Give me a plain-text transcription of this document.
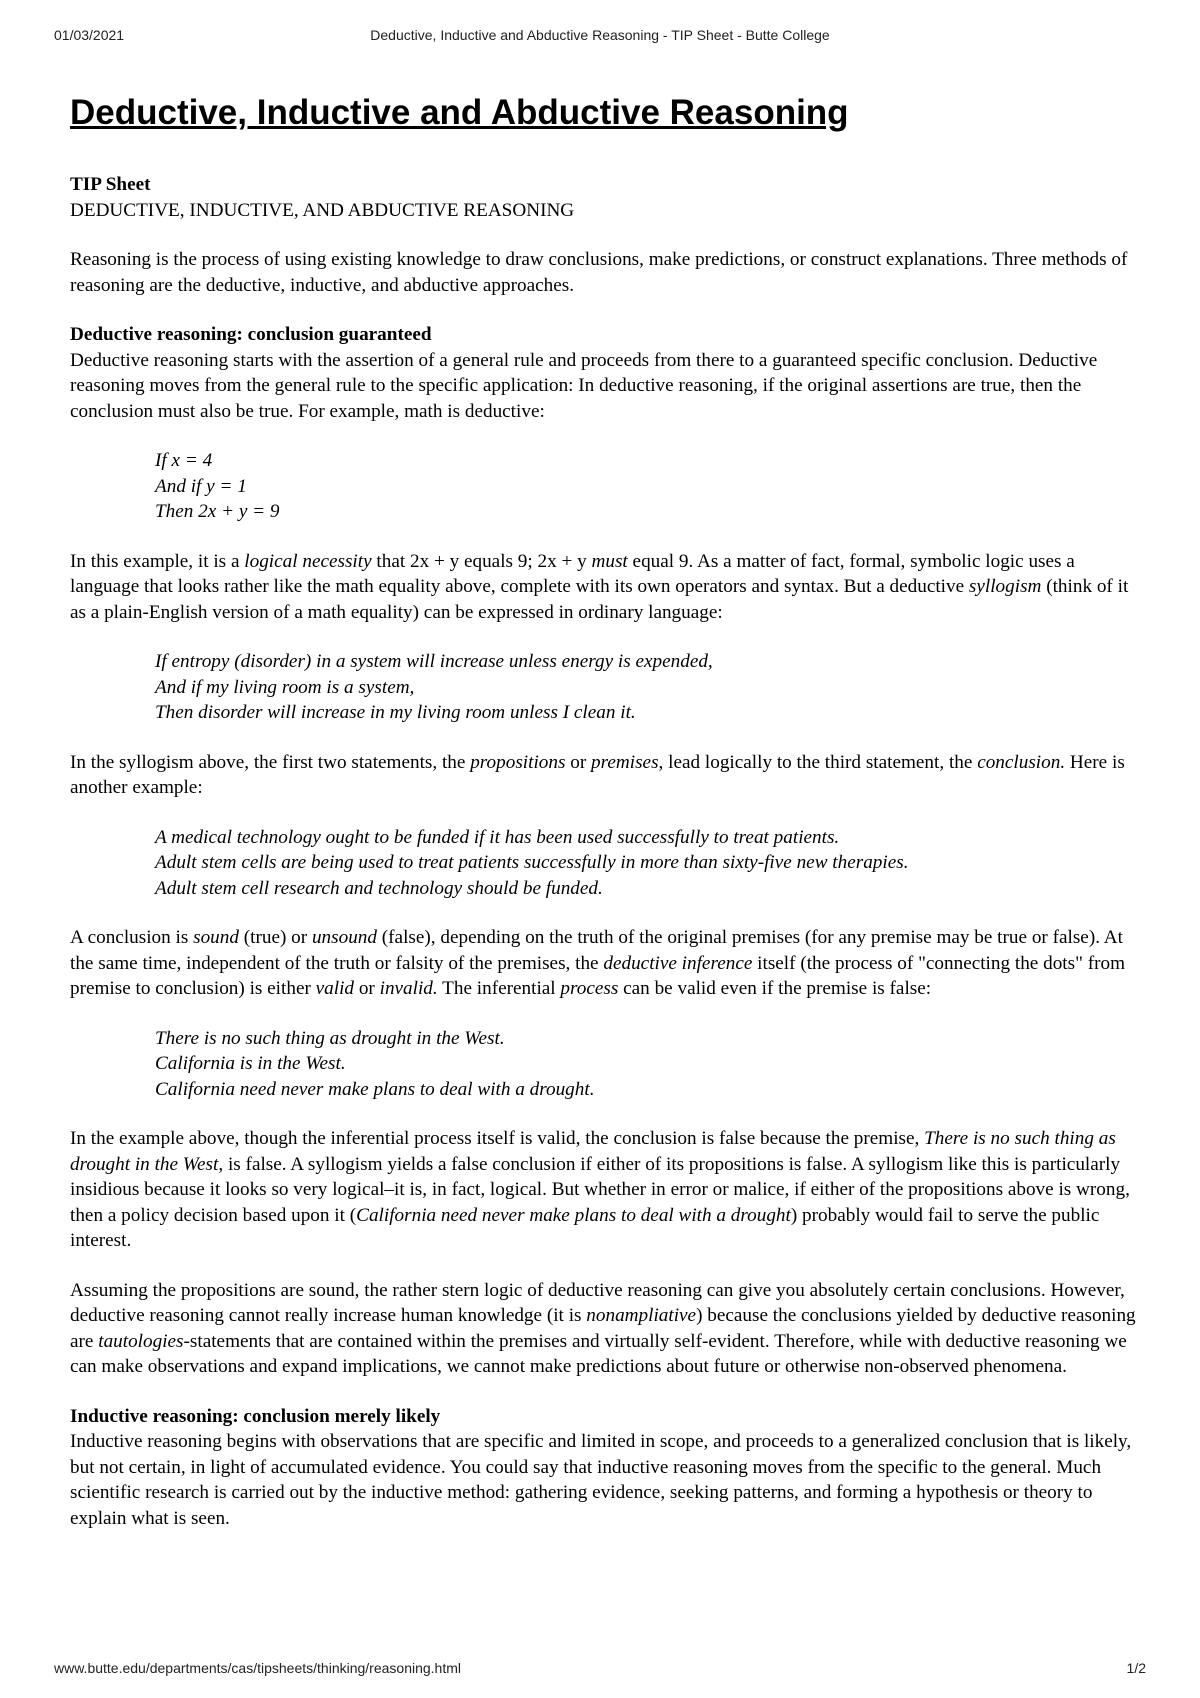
01/03/2021	Deductive, Inductive and Abductive Reasoning - TIP Sheet - Butte College
Deductive, Inductive and Abductive Reasoning
TIP Sheet
DEDUCTIVE, INDUCTIVE, AND ABDUCTIVE REASONING

Reasoning is the process of using existing knowledge to draw conclusions, make predictions, or construct explanations. Three methods of reasoning are the deductive, inductive, and abductive approaches.

Deductive reasoning: conclusion guaranteed

Deductive reasoning starts with the assertion of a general rule and proceeds from there to a guaranteed specific conclusion. Deductive reasoning moves from the general rule to the specific application: In deductive reasoning, if the original assertions are true, then the conclusion must also be true. For example, math is deductive:

If x = 4
And if y = 1
Then 2x + y = 9

In this example, it is a logical necessity that 2x + y equals 9; 2x + y must equal 9. As a matter of fact, formal, symbolic logic uses a language that looks rather like the math equality above, complete with its own operators and syntax. But a deductive syllogism (think of it as a plain-English version of a math equality) can be expressed in ordinary language:

If entropy (disorder) in a system will increase unless energy is expended,
And if my living room is a system,
Then disorder will increase in my living room unless I clean it.

In the syllogism above, the first two statements, the propositions or premises, lead logically to the third statement, the conclusion. Here is another example:

A medical technology ought to be funded if it has been used successfully to treat patients.
Adult stem cells are being used to treat patients successfully in more than sixty-five new therapies.
Adult stem cell research and technology should be funded.

A conclusion is sound (true) or unsound (false), depending on the truth of the original premises (for any premise may be true or false). At the same time, independent of the truth or falsity of the premises, the deductive inference itself (the process of "connecting the dots" from premise to conclusion) is either valid or invalid. The inferential process can be valid even if the premise is false:

There is no such thing as drought in the West.
California is in the West.
California need never make plans to deal with a drought.

In the example above, though the inferential process itself is valid, the conclusion is false because the premise, There is no such thing as drought in the West, is false. A syllogism yields a false conclusion if either of its propositions is false. A syllogism like this is particularly insidious because it looks so very logical–it is, in fact, logical. But whether in error or malice, if either of the propositions above is wrong, then a policy decision based upon it (California need never make plans to deal with a drought) probably would fail to serve the public interest.

Assuming the propositions are sound, the rather stern logic of deductive reasoning can give you absolutely certain conclusions. However, deductive reasoning cannot really increase human knowledge (it is nonampliative) because the conclusions yielded by deductive reasoning are tautologies-statements that are contained within the premises and virtually self-evident. Therefore, while with deductive reasoning we can make observations and expand implications, we cannot make predictions about future or otherwise non-observed phenomena.

Inductive reasoning: conclusion merely likely

Inductive reasoning begins with observations that are specific and limited in scope, and proceeds to a generalized conclusion that is likely, but not certain, in light of accumulated evidence. You could say that inductive reasoning moves from the specific to the general. Much scientific research is carried out by the inductive method: gathering evidence, seeking patterns, and forming a hypothesis or theory to explain what is seen.

www.butte.edu/departments/cas/tipsheets/thinking/reasoning.html	1/2
